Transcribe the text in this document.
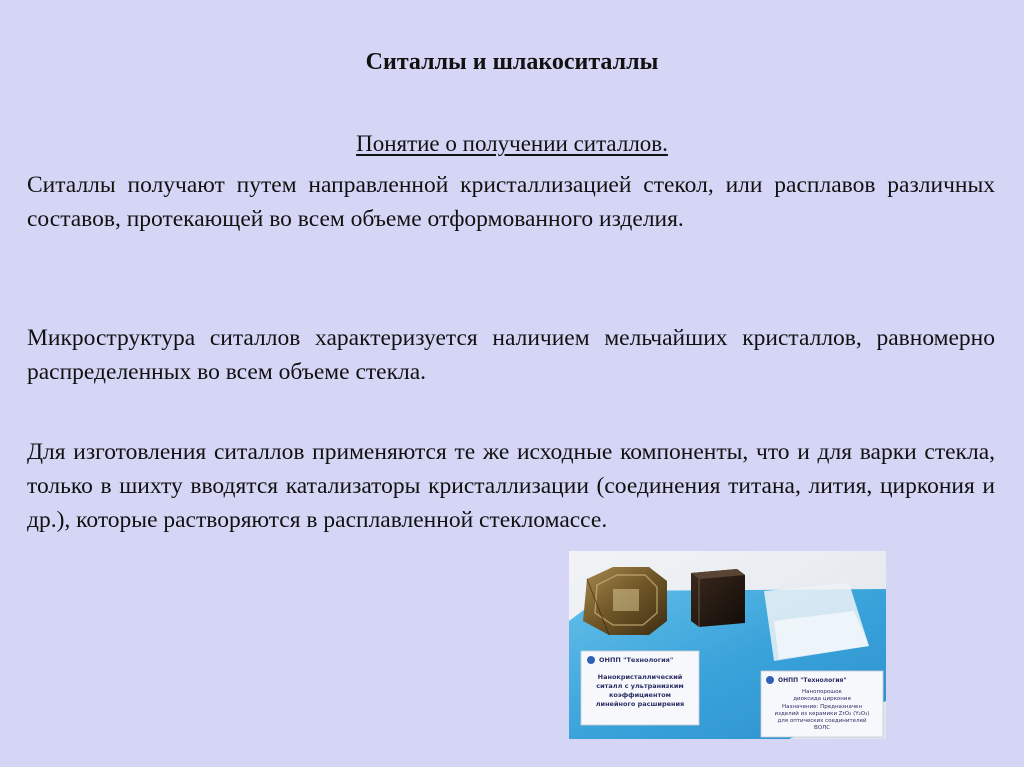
Ситаллы и шлакоситаллы
Понятие о получении ситаллов.

Ситаллы получают путем направленной кристаллизацией стекол, или расплавов различных составов, протекающей во всем объеме отформованного изделия.

Микроструктура ситаллов характеризуется наличием мельчайших кристаллов, равномерно распределенных во всем объеме стекла.

Для изготовления ситаллов применяются те же исходные компоненты, что и для варки стекла, только в шихту вводятся катализаторы кристаллизации (соединения титана, лития, циркония и др.), которые растворяются в расплавленной стекломассе.

ОНПП "Технология"
Нанокристаллический
ситалл с ультранизким
коэффициентом
линейного расширения
ОНПП "Технология"
Нанопорошок
диоксида циркония
Назначение: Предназначен
изделий из керамики ZrO₂ (Y₂O₃)
для оптических соединителей
ВОЛС
